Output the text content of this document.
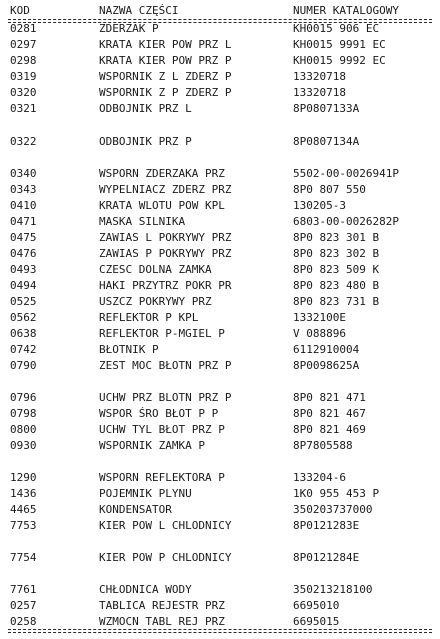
KOD	NAZWA CZĘŚCI	NUMER KATALOGOWY
0281	ZDERZAK P	KH0015 906 EC
0297	KRATA KIER POW PRZ L	KH0015 9991 EC
0298	KRATA KIER POW PRZ P	KH0015 9992 EC
0319	WSPORNIK Z L ZDERZ P	13320718
0320	WSPORNIK Z P ZDERZ P	13320718
0321	ODBOJNIK PRZ L	8P0807133A
0322	ODBOJNIK PRZ P	8P0807134A
0340	WSPORN ZDERZAKA PRZ	5502-00-0026941P
0343	WYPELNIACZ ZDERZ PRZ	8P0 807 550
0410	KRATA WLOTU POW KPL	130205-3
0471	MASKA SILNIKA	6803-00-0026282P
0475	ZAWIAS L POKRYWY PRZ	8P0 823 301 B
0476	ZAWIAS P POKRYWY PRZ	8P0 823 302 B
0493	CZESC DOLNA ZAMKA	8P0 823 509 K
0494	HAKI PRZYTRZ POKR PR	8P0 823 480 B
0525	USZCZ POKRYWY PRZ	8P0 823 731 B
0562	REFLEKTOR P KPL	1332100E
0638	REFLEKTOR P-MGIEL P	V 088896
0742	BŁOTNIK P	6112910004
0790	ZEST MOC BŁOTN PRZ P	8P0098625A
0796	UCHW PRZ BLOTN PRZ P	8P0 821 471
0798	WSPOR ŚRO BŁOT P P	8P0 821 467
0800	UCHW TYL BŁOT PRZ P	8P0 821 469
0930	WSPORNIK ZAMKA P	8P7805588
1290	WSPORN REFLEKTORA P	133204-6
1436	POJEMNIK PLYNU	1K0 955 453 P
4465	KONDENSATOR	350203737000
7753	KIER POW L CHLODNICY	8P0121283E
7754	KIER POW P CHLODNICY	8P0121284E
7761	CHŁODNICA WODY	350213218100
0257	TABLICA REJESTR PRZ	6695010
0258	WZMOCN TABL REJ PRZ	6695015
